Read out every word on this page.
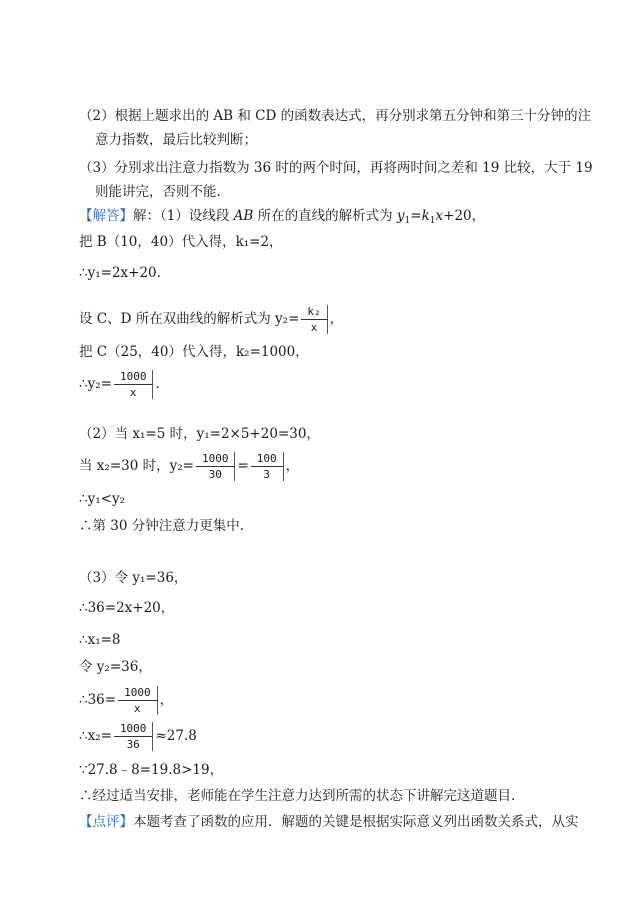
（2）根据上题求出的 AB 和 CD 的函数表达式，再分别求第五分钟和第三十分钟的注
意力指数，最后比较判断；
（3）分别求出注意力指数为 36 时的两个时间，再将两时间之差和 19 比较，大于 19
则能讲完，否则不能.
【解答】解：（1）设线段 AB 所在的直线的解析式为 $y_1=k_1x+20$，
把 B（10，40）代入得，k₁=2，
∴y₁=2x+20.
设 C、D 所在双曲线的解析式为 $y_2= \frac{\text{k₂}}{x}$ ，
把 C（25，40）代入得，k₂=1000，
∴y₂= $\frac{1000}{x}$ .
（2）当 x₁=5 时，y₁=2×5+20=30，
当 x₂=30 时，$y_2= \frac{1000}{30} = \frac{100}{3}$ ，
∴y₁<y₂
∴第 30 分钟注意力更集中.
（3）令 y₁=36，
∴36=2x+20，
∴x₁=8
令 y₂=36，
∴36= $\frac{1000}{x}$ ，
∴x₂= $\frac{1000}{36} \approx 27.8$
∵27.8﹣8=19.8>19，
∴经过适当安排，老师能在学生注意力达到所需的状态下讲解完这道题目.
【点评】本题考查了函数的应用．解题的关键是根据实际意义列出函数关系式，从实
